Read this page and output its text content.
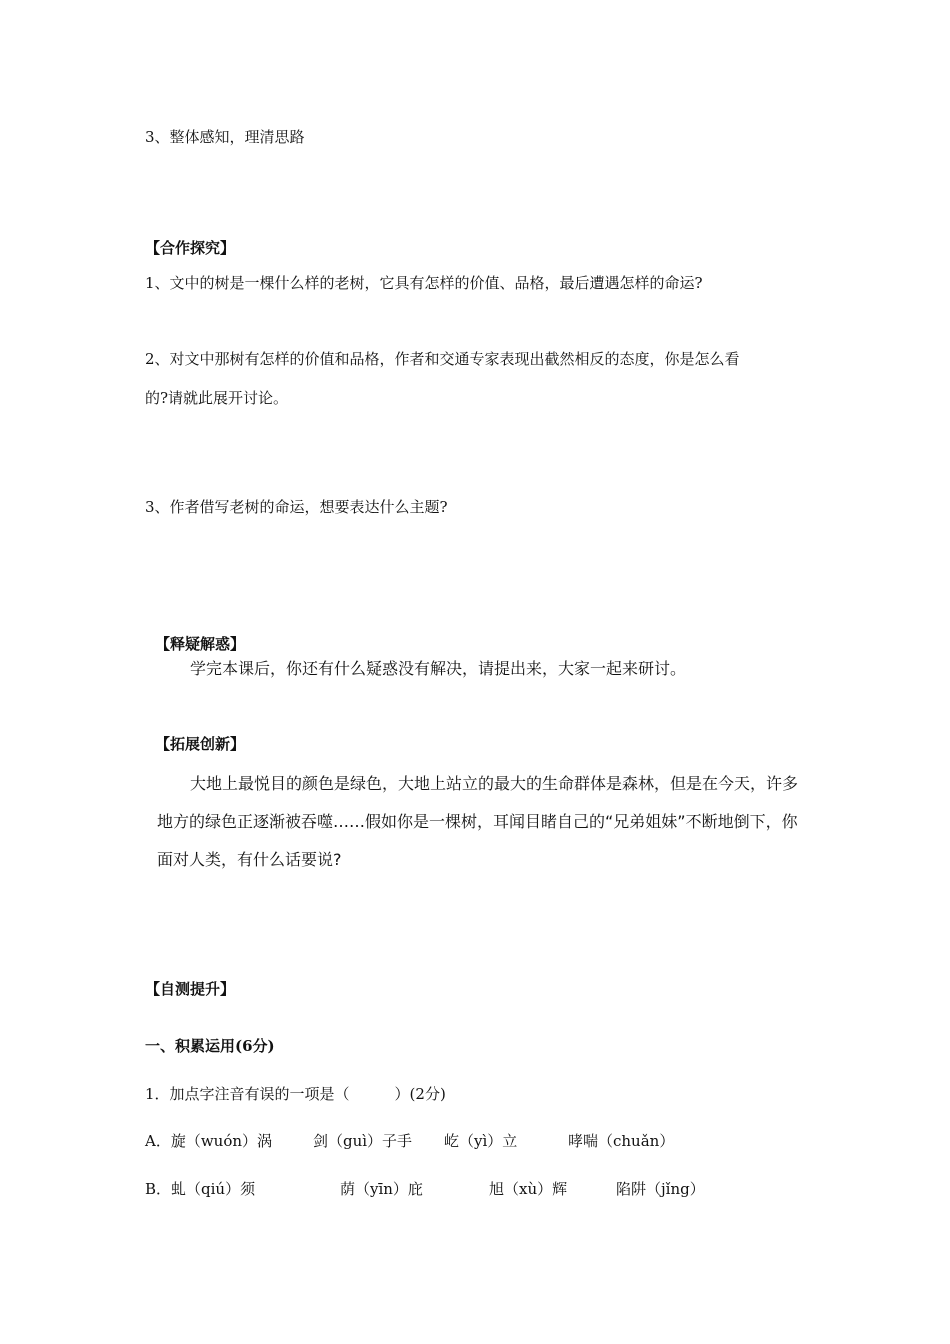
3、整体感知，理清思路
【合作探究】
1、文中的树是一棵什么样的老树，它具有怎样的价值、品格，最后遭遇怎样的命运?
2、对文中那树有怎样的价值和品格，作者和交通专家表现出截然相反的态度，你是怎么看
的?请就此展开讨论。
3、作者借写老树的命运，想要表达什么主题?
【释疑解惑】
学完本课后，你还有什么疑惑没有解决，请提出来，大家一起来研讨。
【拓展创新】
大地上最悦目的颜色是绿色，大地上站立的最大的生命群体是森林，但是在今天，许多
地方的绿色正逐渐被吞噬……假如你是一棵树，耳闻目睹自己的“兄弟姐妹”不断地倒下，你
面对人类，有什么话要说?
【自测提升】
一、积累运用(6分)
1．加点字注音有误的一项是（　　　）(2分)
A．旋（wuón）涡	剑（guì）子手 屹（yì）立	哮喘（chuǎn）
B．虬（qiú）须	荫（yīn）庇	旭（xù）辉	陷阱（jǐng）
